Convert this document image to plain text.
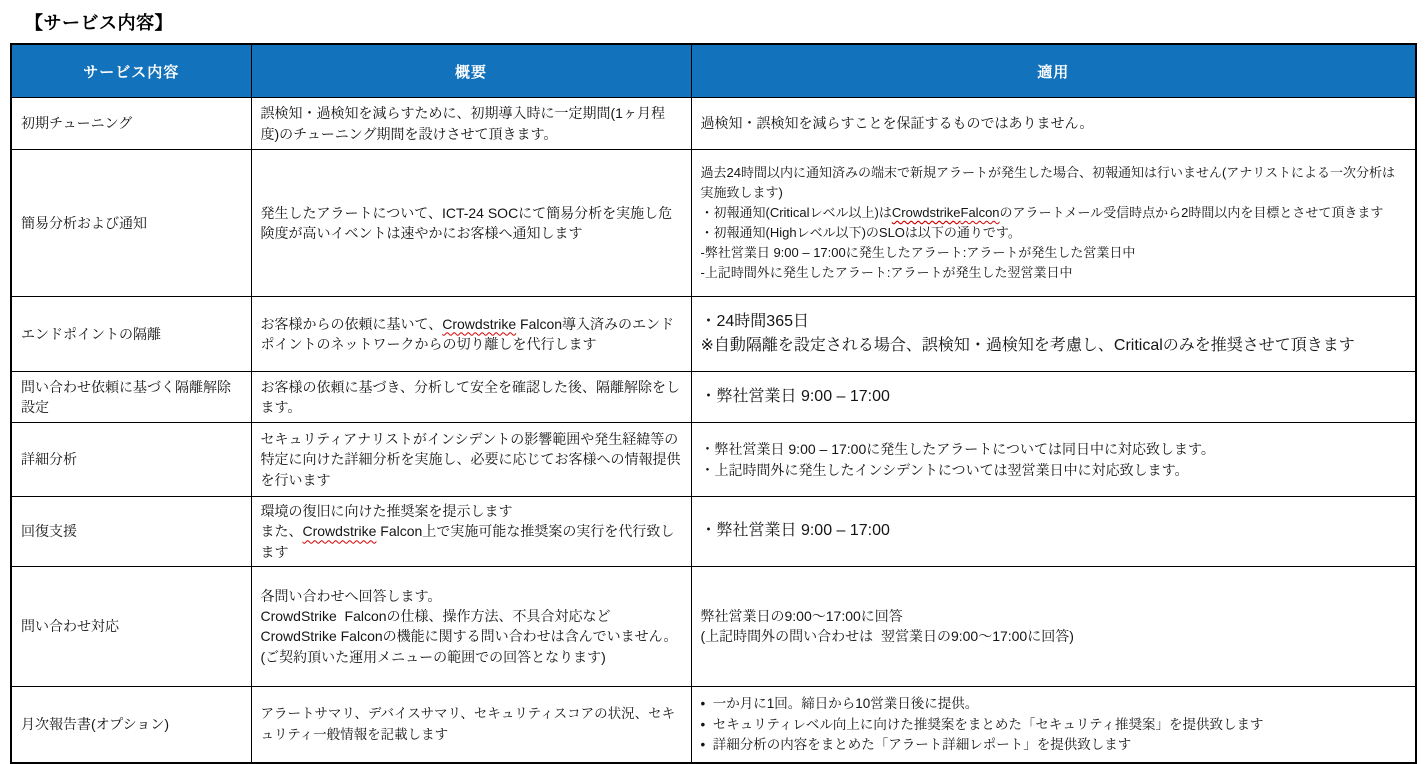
【サービス内容】
サービス内容	概要	適用
初期チューニング	誤検知・過検知を減らすために、初期導入時に一定期間(1ヶ月程度)のチューニング期間を設けさせて頂きます。	過検知・誤検知を減らすことを保証するものではありません。
簡易分析および通知	発生したアラートについて、ICT-24 SOCにて簡易分析を実施し危険度が高いイベントは速やかにお客様へ通知します	過去24時間以内に通知済みの端末で新規アラートが発生した場合、初報通知は行いません(アナリストによる一次分析は実施致します)
・初報通知(Criticalレベル以上)はCrowdstrikeFalconのアラートメール受信時点から2時間以内を目標とさせて頂きます
・初報通知(Highレベル以下)のSLOは以下の通りです。
-弊社営業日 9:00 – 17:00に発生したアラート:アラートが発生した営業日中
-上記時間外に発生したアラート:アラートが発生した翌営業日中
エンドポイントの隔離	お客様からの依頼に基いて、Crowdstrike Falcon導入済みのエンドポイントのネットワークからの切り離しを代行します	・24時間365日
※自動隔離を設定される場合、誤検知・過検知を考慮し、Criticalのみを推奨させて頂きます
問い合わせ依頼に基づく隔離解除設定	お客様の依頼に基づき、分析して安全を確認した後、隔離解除をします。	・弊社営業日 9:00 – 17:00
詳細分析	セキュリティアナリストがインシデントの影響範囲や発生経緯等の特定に向けた詳細分析を実施し、必要に応じてお客様への情報提供を行います	・弊社営業日 9:00 – 17:00に発生したアラートについては同日中に対応致します。
・上記時間外に発生したインシデントについては翌営業日中に対応致します。
回復支援	環境の復旧に向けた推奨案を提示します
また、Crowdstrike Falcon上で実施可能な推奨案の実行を代行致します	・弊社営業日 9:00 – 17:00
問い合わせ対応	各問い合わせへ回答します。
CrowdStrike  Falconの仕様、操作方法、不具合対応などCrowdStrike Falconの機能に関する問い合わせは含んでいません。
(ご契約頂いた運用メニューの範囲での回答となります)	弊社営業日の9:00～17:00に回答
(上記時間外の問い合わせは  翌営業日の9:00～17:00に回答)
月次報告書(オプション)	アラートサマリ、デバイスサマリ、セキュリティスコアの状況、セキュリティ一般情報を記載します	•  一か月に1回。締日から10営業日後に提供。
•  セキュリティレベル向上に向けた推奨案をまとめた「セキュリティ推奨案」を提供致します
•  詳細分析の内容をまとめた「アラート詳細レポート」を提供致します
